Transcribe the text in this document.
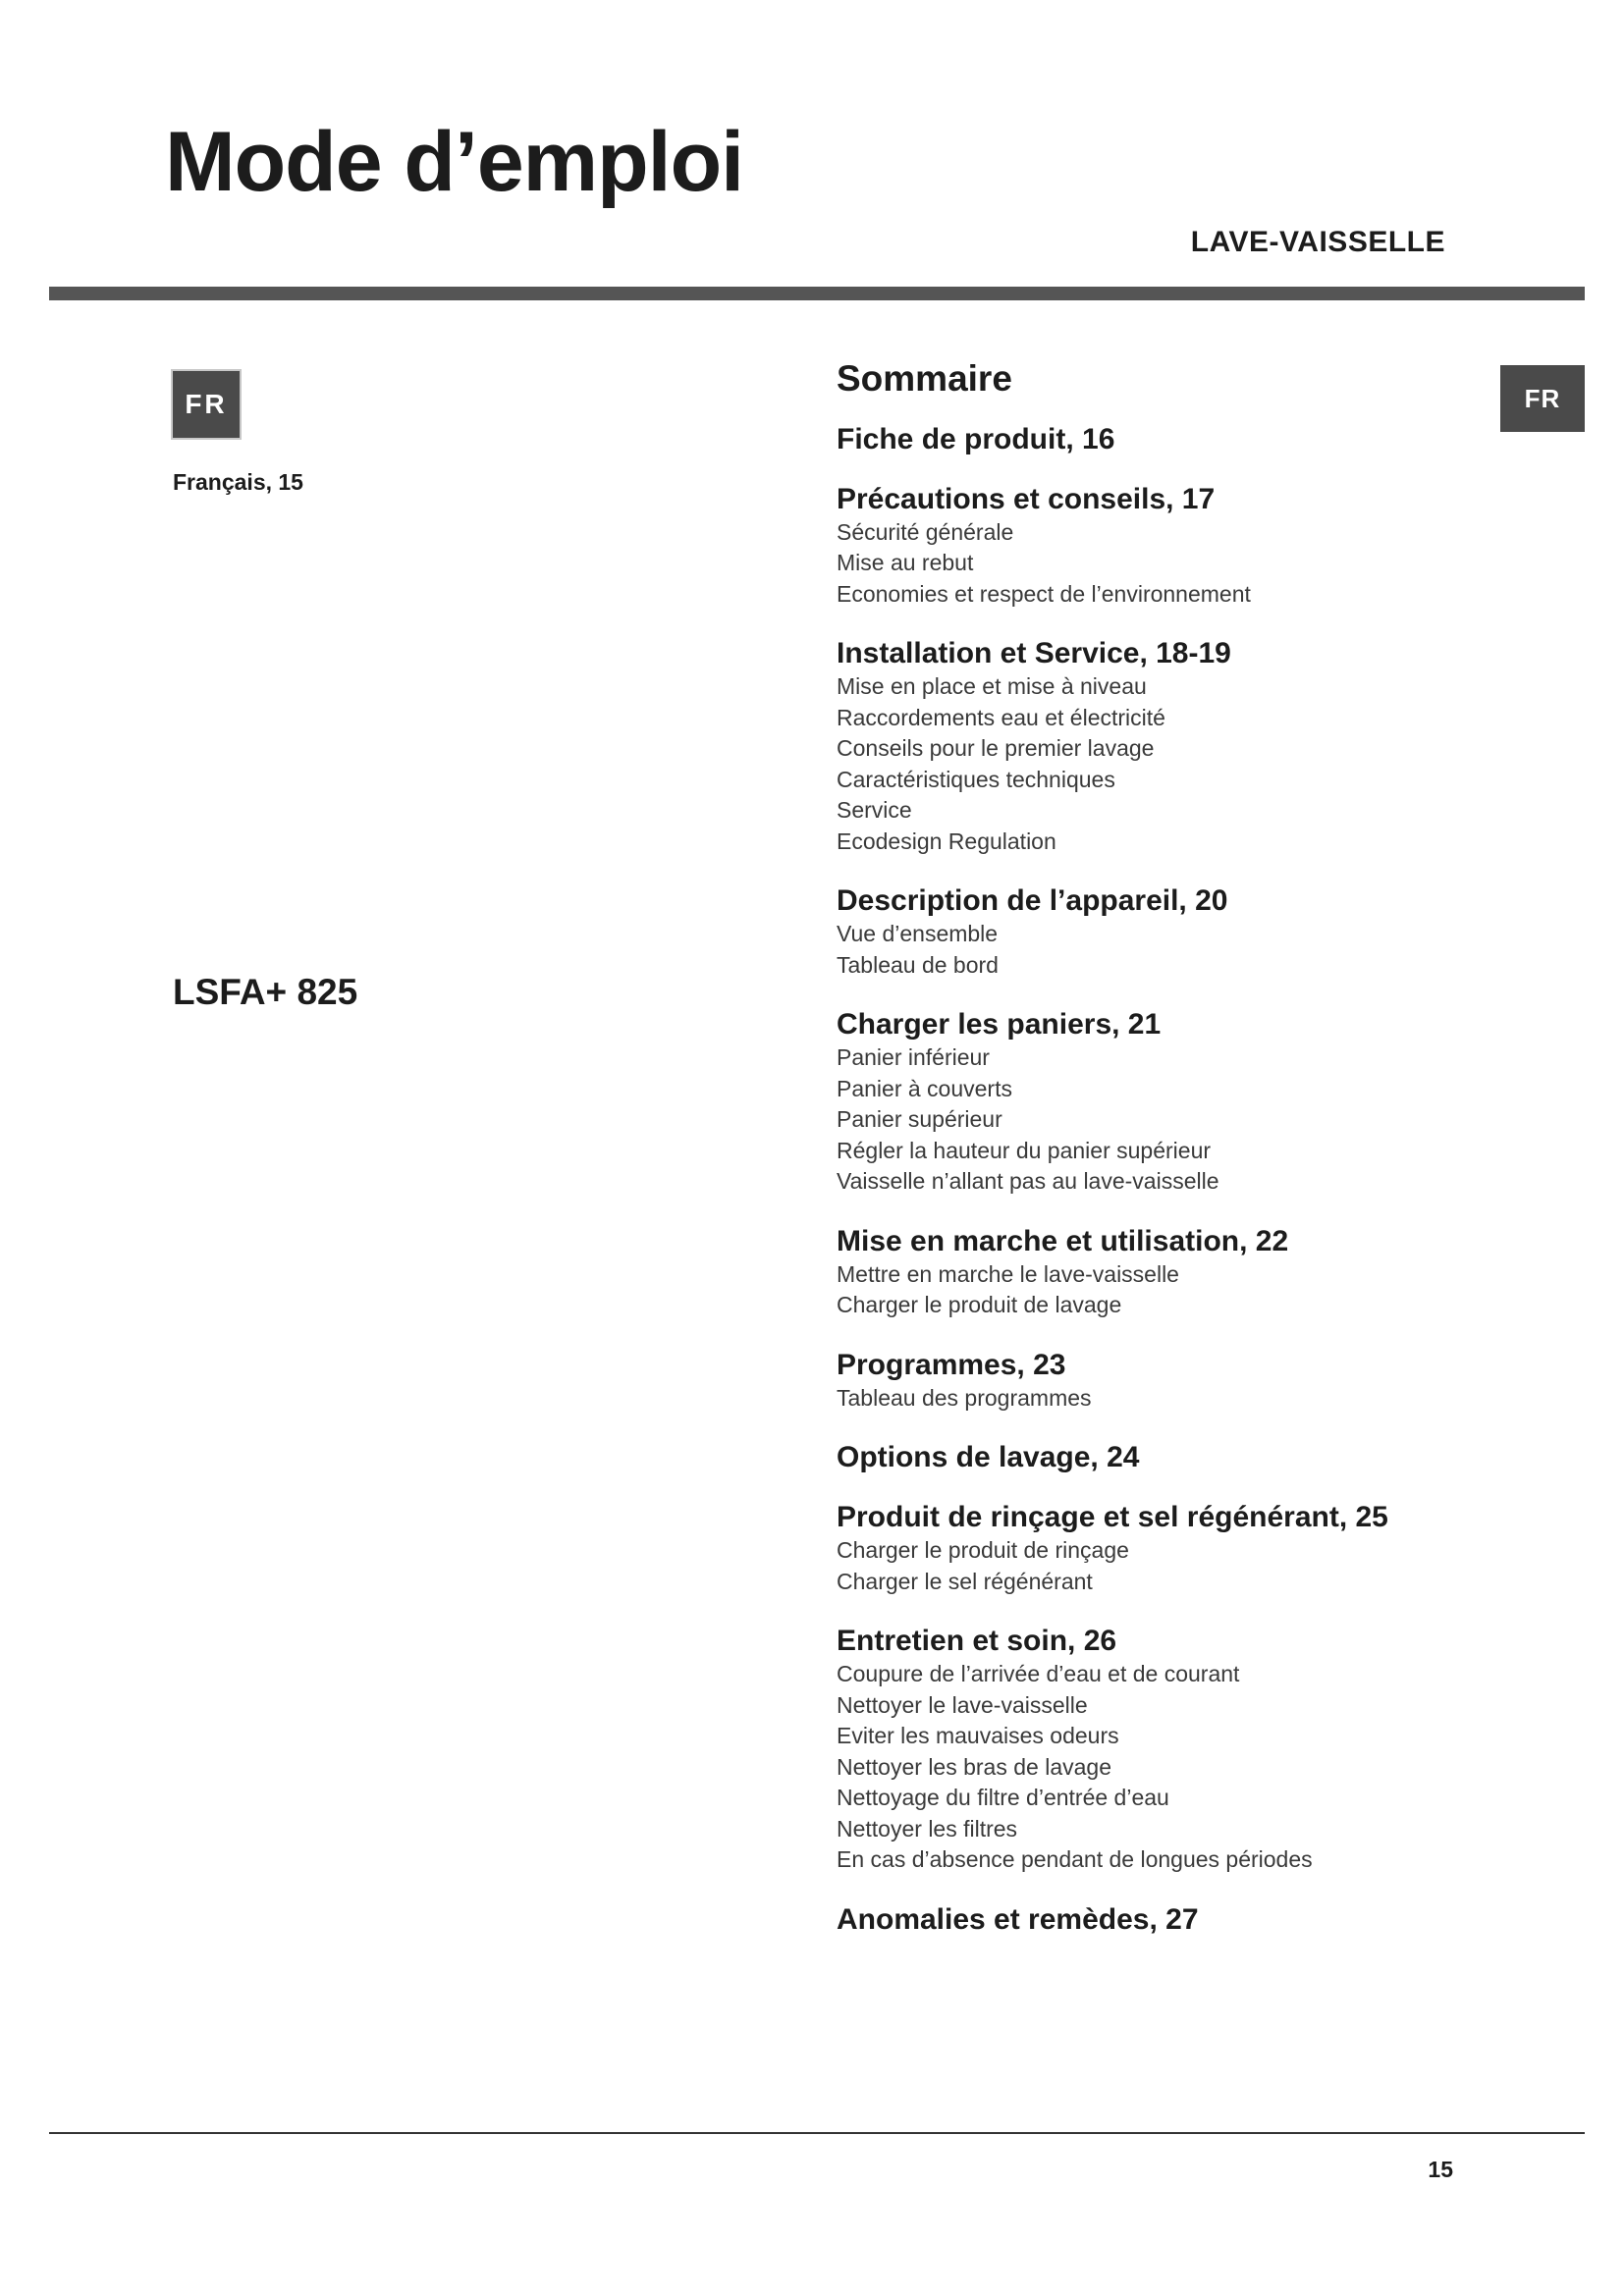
Mode d’emploi
LAVE-VAISSELLE
FR
Français, 15
LSFA+ 825
Sommaire
Fiche de produit, 16
Précautions et conseils, 17
Sécurité générale
Mise au rebut
Economies et respect de l’environnement
Installation et Service, 18-19
Mise en place et mise à niveau
Raccordements eau et électricité
Conseils pour le premier lavage
Caractéristiques techniques
Service
Ecodesign Regulation
Description de l’appareil, 20
Vue d’ensemble
Tableau de bord
Charger les paniers, 21
Panier inférieur
Panier à couverts
Panier supérieur
Régler la hauteur du panier supérieur
Vaisselle n’allant pas au lave-vaisselle
Mise en marche et utilisation, 22
Mettre en marche le lave-vaisselle
Charger le produit de lavage
Programmes, 23
Tableau des programmes
Options de lavage, 24
Produit de rinçage et sel régénérant, 25
Charger le produit de rinçage
Charger le sel régénérant
Entretien et soin, 26
Coupure de l’arrivée d’eau et de courant
Nettoyer le lave-vaisselle
Eviter les mauvaises odeurs
Nettoyer les bras de lavage
Nettoyage du filtre d’entrée d’eau
Nettoyer les filtres
En cas d’absence pendant de longues périodes
Anomalies et remèdes, 27
FR
15
